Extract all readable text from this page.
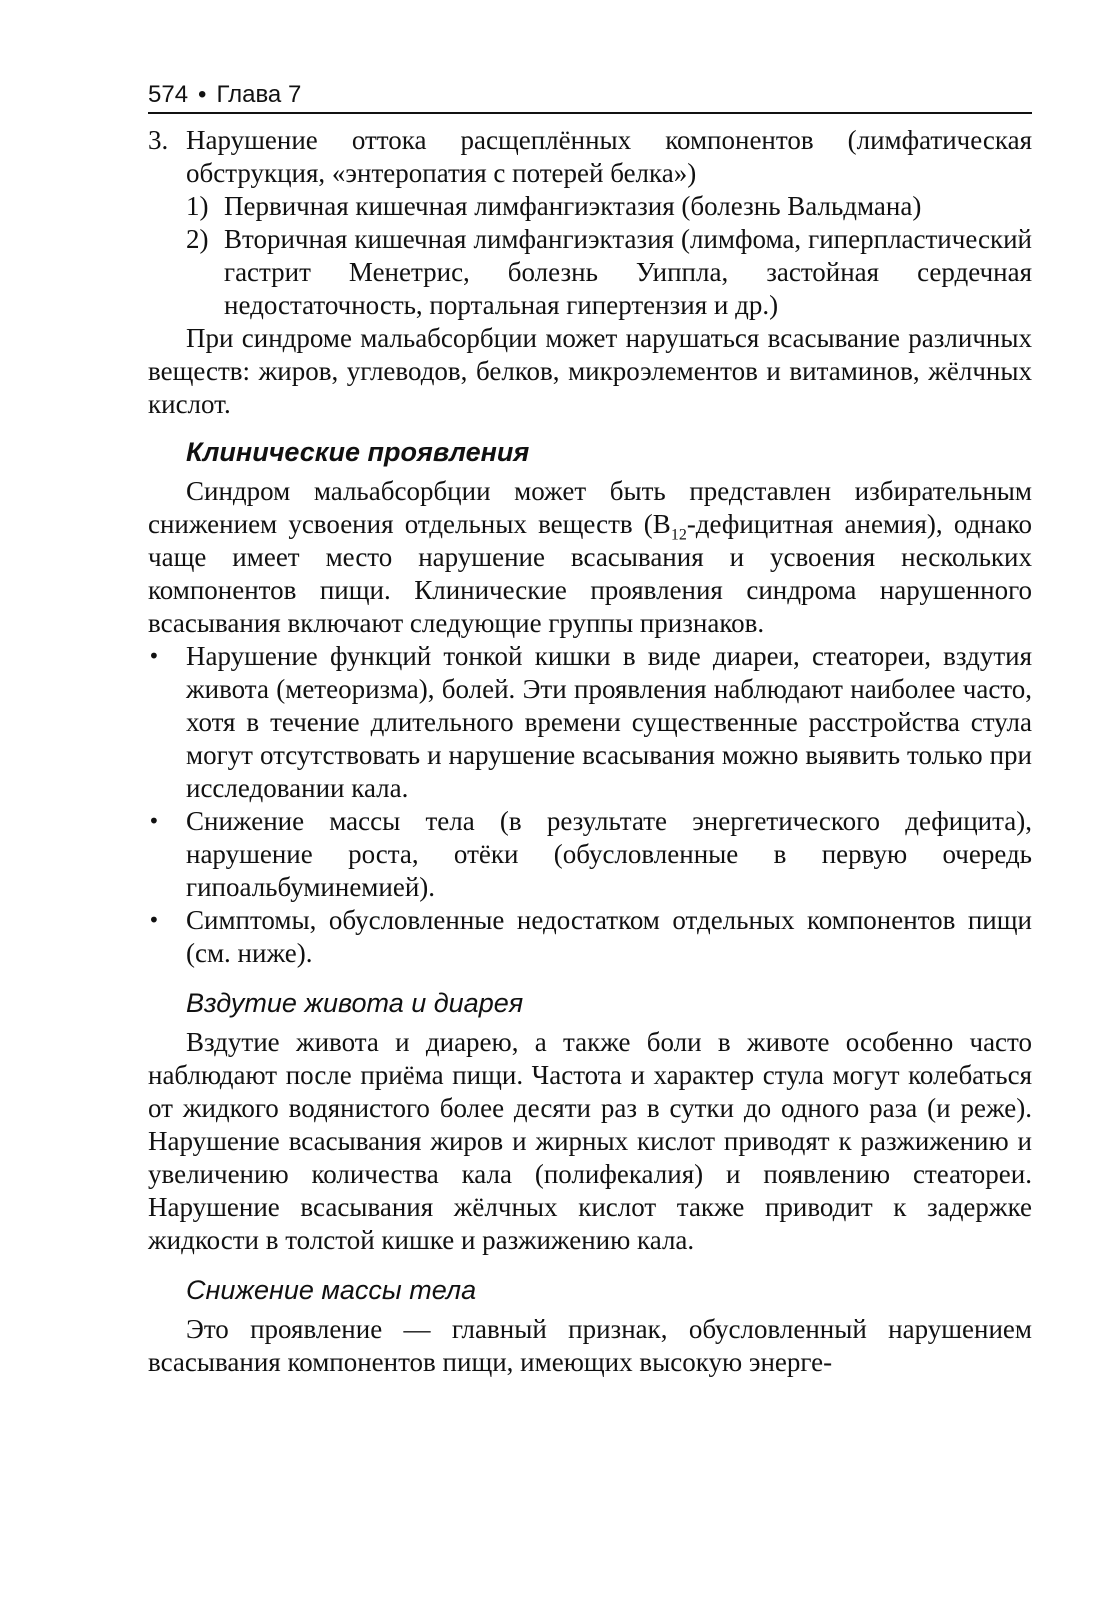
574 • Глава 7
3. Нарушение оттока расщеплённых компонентов (лимфатическая обструкция, «энтеропатия с потерей белка»)

1) Первичная кишечная лимфангиэктазия (болезнь Вальдмана)

2) Вторичная кишечная лимфангиэктазия (лимфома, гиперпластический гастрит Менетрис, болезнь Уиппла, застойная сердечная недостаточность, портальная гипертензия и др.)

При синдроме мальабсорбции может нарушаться всасывание различных веществ: жиров, углеводов, белков, микроэлементов и витаминов, жёлчных кислот.

Клинические проявления

Синдром мальабсорбции может быть представлен избирательным снижением усвоения отдельных веществ ($B_{12}$-дефицитная анемия), однако чаще имеет место нарушение всасывания и усвоения нескольких компонентов пищи. Клинические проявления синдрома нарушенного всасывания включают следующие группы признаков.

• Нарушение функций тонкой кишки в виде диареи, стеатореи, вздутия живота (метеоризма), болей. Эти проявления наблюдают наиболее часто, хотя в течение длительного времени существенные расстройства стула могут отсутствовать и нарушение всасывания можно выявить только при исследовании кала.

• Снижение массы тела (в результате энергетического дефицита), нарушение роста, отёки (обусловленные в первую очередь гипоальбуминемией).

• Симптомы, обусловленные недостатком отдельных компонентов пищи (см. ниже).

Вздутие живота и диарея

Вздутие живота и диарею, а также боли в животе особенно часто наблюдают после приёма пищи. Частота и характер стула могут колебаться от жидкого водянистого более десяти раз в сутки до одного раза (и реже). Нарушение всасывания жиров и жирных кислот приводят к разжижению и увеличению количества кала (полифекалия) и появлению стеатореи. Нарушение всасывания жёлчных кислот также приводит к задержке жидкости в толстой кишке и разжижению кала.

Снижение массы тела

Это проявление — главный признак, обусловленный нарушением всасывания компонентов пищи, имеющих высокую энерге-
